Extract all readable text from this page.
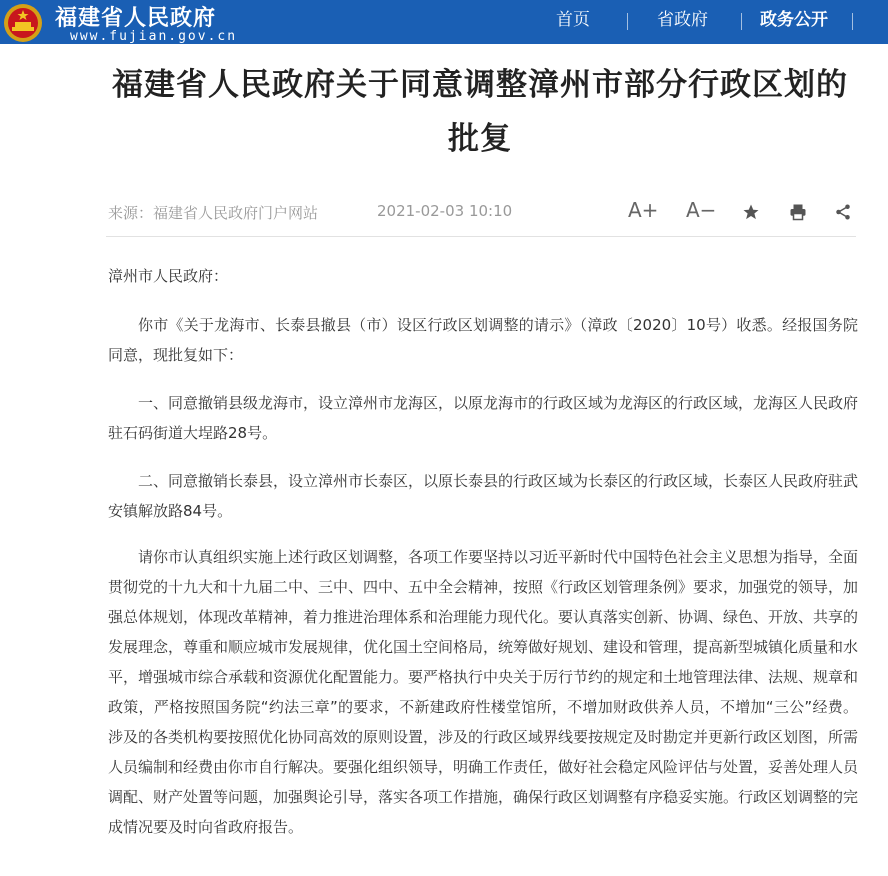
福建省人民政府
www.fujian.gov.cn
首页	省政府	政务公开
福建省人民政府关于同意调整漳州市部分行政区划的
批复
来源：福建省人民政府门户网站	2021-02-03 10:10	A+ A−
漳州市人民政府：
你市《关于龙海市、长泰县撤县（市）设区行政区划调整的请示》（漳政〔2020〕10号）收悉。经报国务院同意，现批复如下：
一、同意撤销县级龙海市，设立漳州市龙海区，以原龙海市的行政区域为龙海区的行政区域，龙海区人民政府驻石码街道大埕路28号。
二、同意撤销长泰县，设立漳州市长泰区，以原长泰县的行政区域为长泰区的行政区域，长泰区人民政府驻武安镇解放路84号。
请你市认真组织实施上述行政区划调整，各项工作要坚持以习近平新时代中国特色社会主义思想为指导，全面贯彻党的十九大和十九届二中、三中、四中、五中全会精神，按照《行政区划管理条例》要求，加强党的领导，加强总体规划，体现改革精神，着力推进治理体系和治理能力现代化。要认真落实创新、协调、绿色、开放、共享的发展理念，尊重和顺应城市发展规律，优化国土空间格局，统筹做好规划、建设和管理，提高新型城镇化质量和水平，增强城市综合承载和资源优化配置能力。要严格执行中央关于厉行节约的规定和土地管理法律、法规、规章和政策，严格按照国务院“约法三章”的要求，不新建政府性楼堂馆所，不增加财政供养人员，不增加“三公”经费。涉及的各类机构要按照优化协同高效的原则设置，涉及的行政区域界线要按规定及时勘定并更新行政区划图，所需人员编制和经费由你市自行解决。要强化组织领导，明确工作责任，做好社会稳定风险评估与处置，妥善处理人员调配、财产处置等问题，加强舆论引导，落实各项工作措施，确保行政区划调整有序稳妥实施。行政区划调整的完成情况要及时向省政府报告。
